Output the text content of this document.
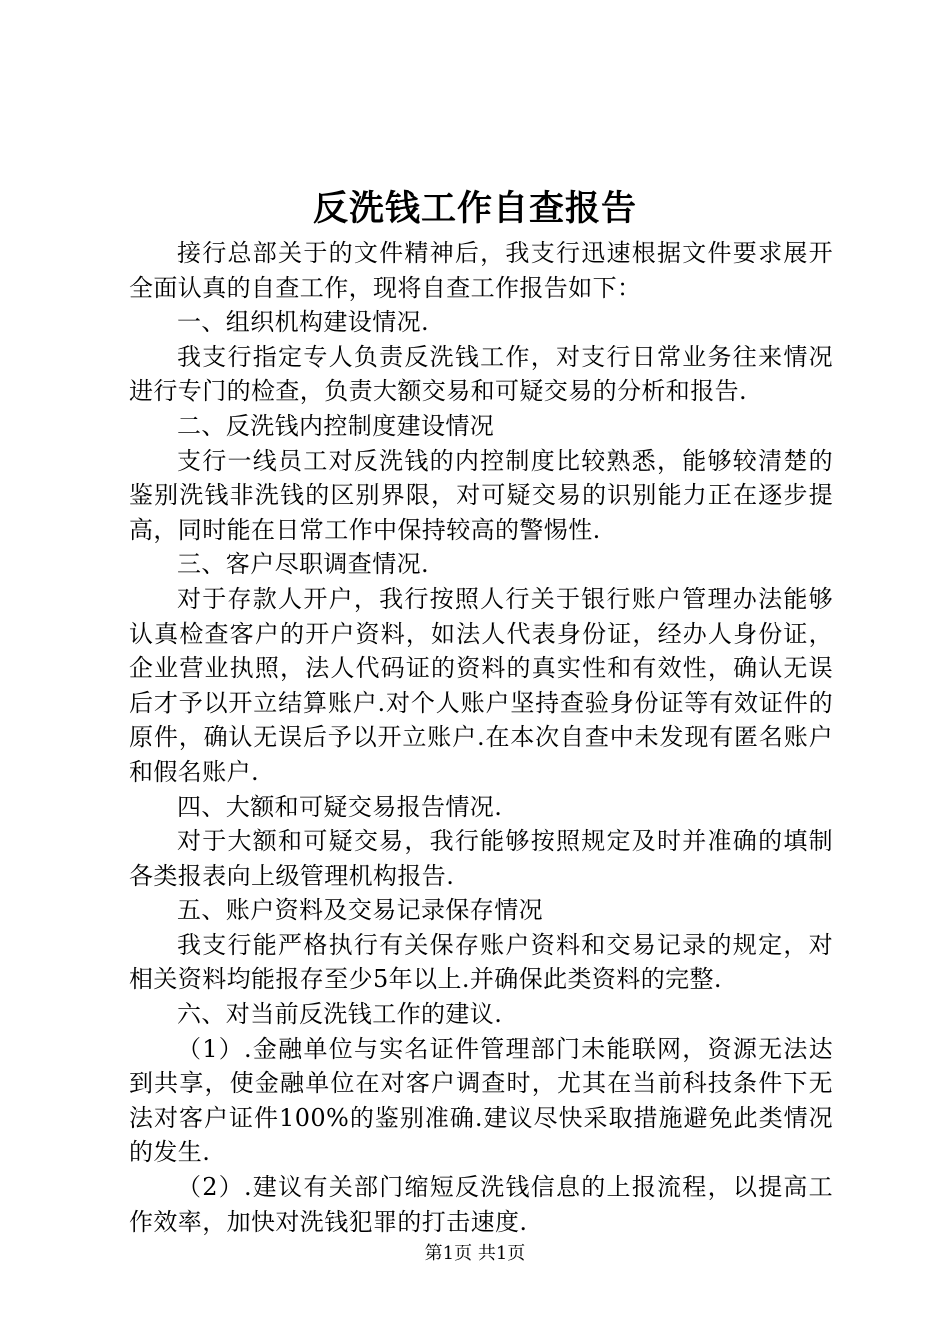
反洗钱工作自查报告

接行总部关于的文件精神后，我支行迅速根据文件要求展开全面认真的自查工作，现将自查工作报告如下：

一、组织机构建设情况.

我支行指定专人负责反洗钱工作，对支行日常业务往来情况进行专门的检查，负责大额交易和可疑交易的分析和报告.

二、反洗钱内控制度建设情况

支行一线员工对反洗钱的内控制度比较熟悉，能够较清楚的鉴别洗钱非洗钱的区别界限，对可疑交易的识别能力正在逐步提高，同时能在日常工作中保持较高的警惕性.

三、客户尽职调查情况.

对于存款人开户，我行按照人行关于银行账户管理办法能够认真检查客户的开户资料，如法人代表身份证，经办人身份证，企业营业执照，法人代码证的资料的真实性和有效性，确认无误后才予以开立结算账户.对个人账户坚持查验身份证等有效证件的原件，确认无误后予以开立账户.在本次自查中未发现有匿名账户和假名账户.

四、大额和可疑交易报告情况.

对于大额和可疑交易，我行能够按照规定及时并准确的填制各类报表向上级管理机构报告.

五、账户资料及交易记录保存情况

我支行能严格执行有关保存账户资料和交易记录的规定，对相关资料均能报存至少5年以上.并确保此类资料的完整.

六、对当前反洗钱工作的建议.

（1）.金融单位与实名证件管理部门未能联网，资源无法达到共享，使金融单位在对客户调查时，尤其在当前科技条件下无法对客户证件100%的鉴别准确.建议尽快采取措施避免此类情况的发生.

（2）.建议有关部门缩短反洗钱信息的上报流程，以提高工作效率，加快对洗钱犯罪的打击速度.

第1页 共1页
